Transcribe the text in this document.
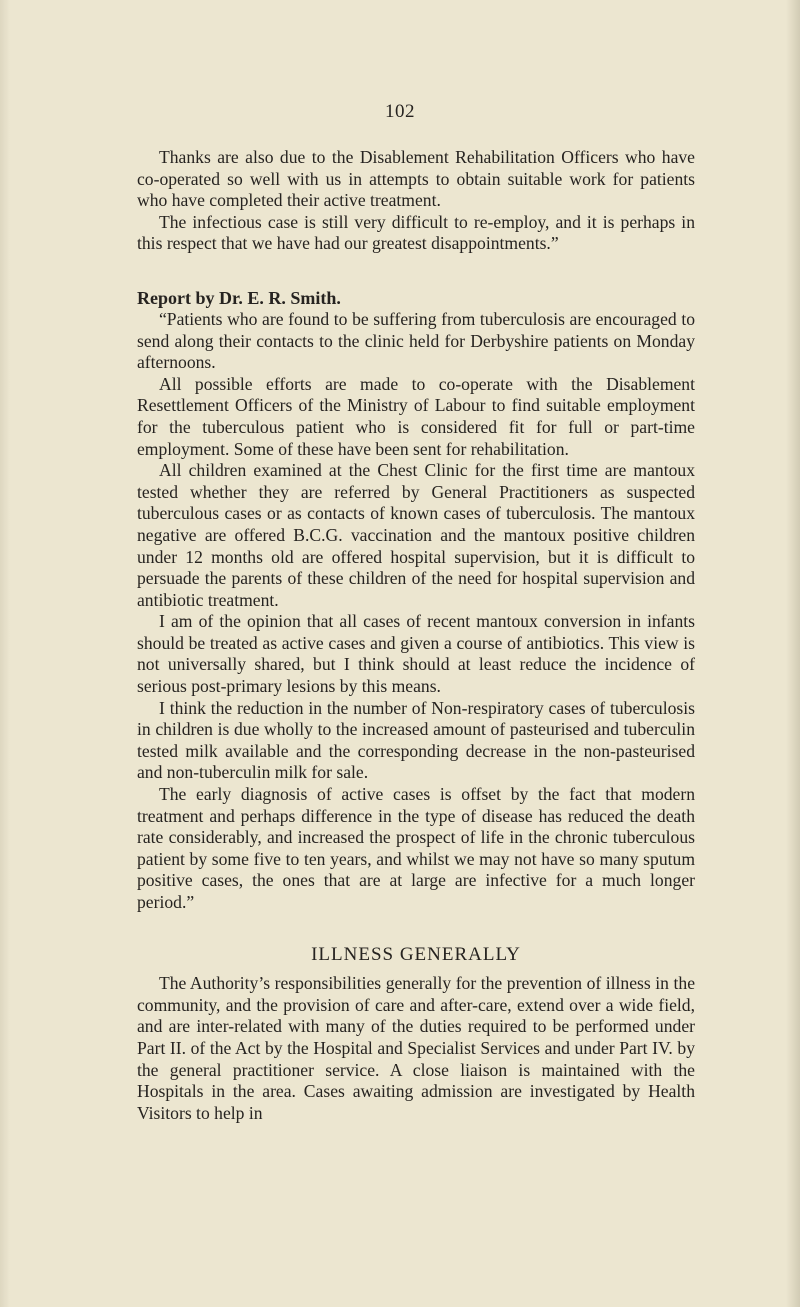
102

Thanks are also due to the Disablement Rehabilitation Officers who have co-operated so well with us in attempts to obtain suitable work for patients who have completed their active treatment.

The infectious case is still very difficult to re-employ, and it is perhaps in this respect that we have had our greatest disappointments.”

Report by Dr. E. R. Smith.

“Patients who are found to be suffering from tuberculosis are encouraged to send along their contacts to the clinic held for Derbyshire patients on Monday afternoons.

All possible efforts are made to co-operate with the Disablement Resettlement Officers of the Ministry of Labour to find suitable employment for the tuberculous patient who is considered fit for full or part-time employment. Some of these have been sent for rehabilitation.

All children examined at the Chest Clinic for the first time are mantoux tested whether they are referred by General Practitioners as suspected tuberculous cases or as contacts of known cases of tuberculosis. The mantoux negative are offered B.C.G. vaccination and the mantoux positive children under 12 months old are offered hospital supervision, but it is difficult to persuade the parents of these children of the need for hospital supervision and antibiotic treatment.

I am of the opinion that all cases of recent mantoux conversion in infants should be treated as active cases and given a course of antibiotics. This view is not universally shared, but I think should at least reduce the incidence of serious post-primary lesions by this means.

I think the reduction in the number of Non-respiratory cases of tuberculosis in children is due wholly to the increased amount of pasteurised and tuberculin tested milk available and the corresponding decrease in the non-pasteurised and non-tuberculin milk for sale.

The early diagnosis of active cases is offset by the fact that modern treatment and perhaps difference in the type of disease has reduced the death rate considerably, and increased the prospect of life in the chronic tuberculous patient by some five to ten years, and whilst we may not have so many sputum positive cases, the ones that are at large are infective for a much longer period.”

ILLNESS GENERALLY

The Authority’s responsibilities generally for the prevention of illness in the community, and the provision of care and after-care, extend over a wide field, and are inter-related with many of the duties required to be performed under Part II. of the Act by the Hospital and Specialist Services and under Part IV. by the general practitioner service. A close liaison is maintained with the Hospitals in the area. Cases awaiting admission are investigated by Health Visitors to help in
